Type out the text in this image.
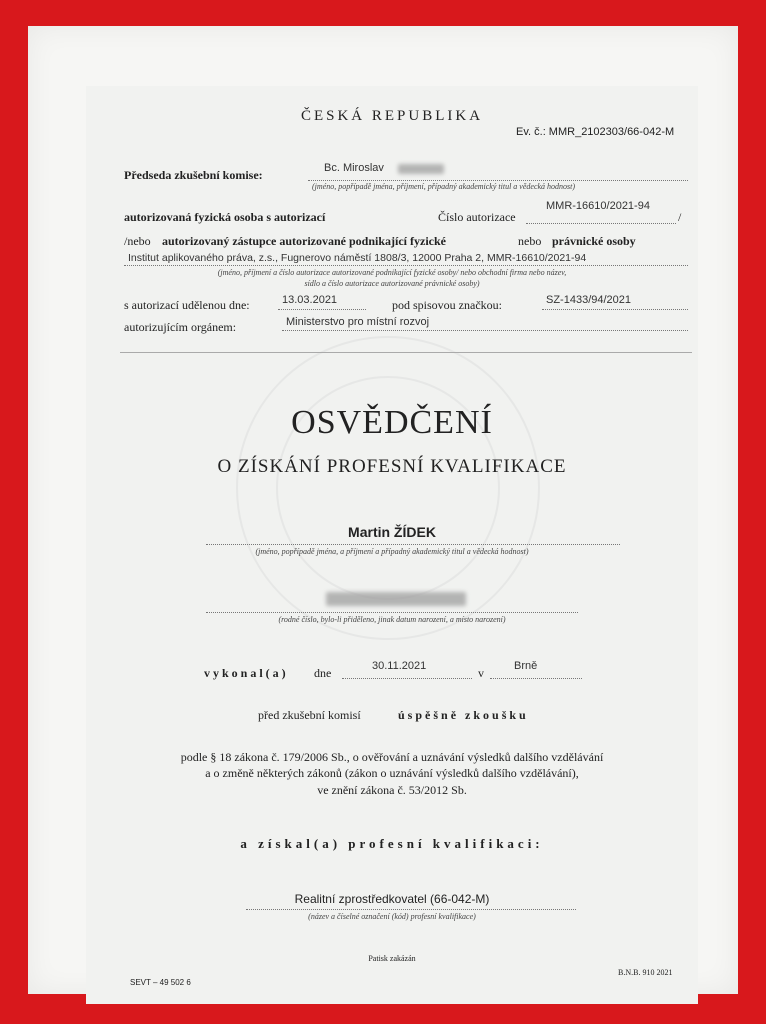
ČESKÁ REPUBLIKA
Ev. č.: MMR_2102303/66-042-M
Předseda zkušební komise:	Bc. Miroslav
(jméno, popřípadě jména, příjmení, případný akademický titul a vědecká hodnost)
autorizovaná fyzická osoba s autorizací	Číslo autorizace
MMR-16610/2021-94
/
/nebo autorizovaný zástupce autorizované podnikající fyzické	nebo právnické osoby
Institut aplikovaného práva, z.s., Fugnerovo náměstí 1808/3, 12000 Praha 2, MMR-16610/2021-94
(jméno, příjmení a číslo autorizace autorizované podnikající fyzické osoby/ nebo obchodní firma nebo název,
sídlo a číslo autorizace autorizované právnické osoby)
s autorizací udělenou dne:	13.03.2021	pod spisovou značkou:	SZ-1433/94/2021
autorizujícím orgánem:	Ministerstvo pro místní rozvoj
OSVĚDČENÍ
O ZÍSKÁNÍ PROFESNÍ KVALIFIKACE
Martin ŽÍDEK
(jméno, popřípadě jména, a příjmení a případný akademický titul a vědecká hodnost)
(rodné číslo, bylo-li přiděleno, jinak datum narození, a místo narození)
vykonal(a) dne	30.11.2021	v	Brně
před zkušební komisí	úspěšně zkoušku
podle § 18 zákona č. 179/2006 Sb., o ověřování a uznávání výsledků dalšího vzdělávání
a o změně některých zákonů (zákon o uznávání výsledků dalšího vzdělávání),
ve znění zákona č. 53/2012 Sb.
a získal(a) profesní kvalifikaci:
Realitní zprostředkovatel (66-042-M)
(název a číselné označení (kód) profesní kvalifikace)
Patisk zakázán
SEVT – 49 502 6
B.N.B. 910 2021
